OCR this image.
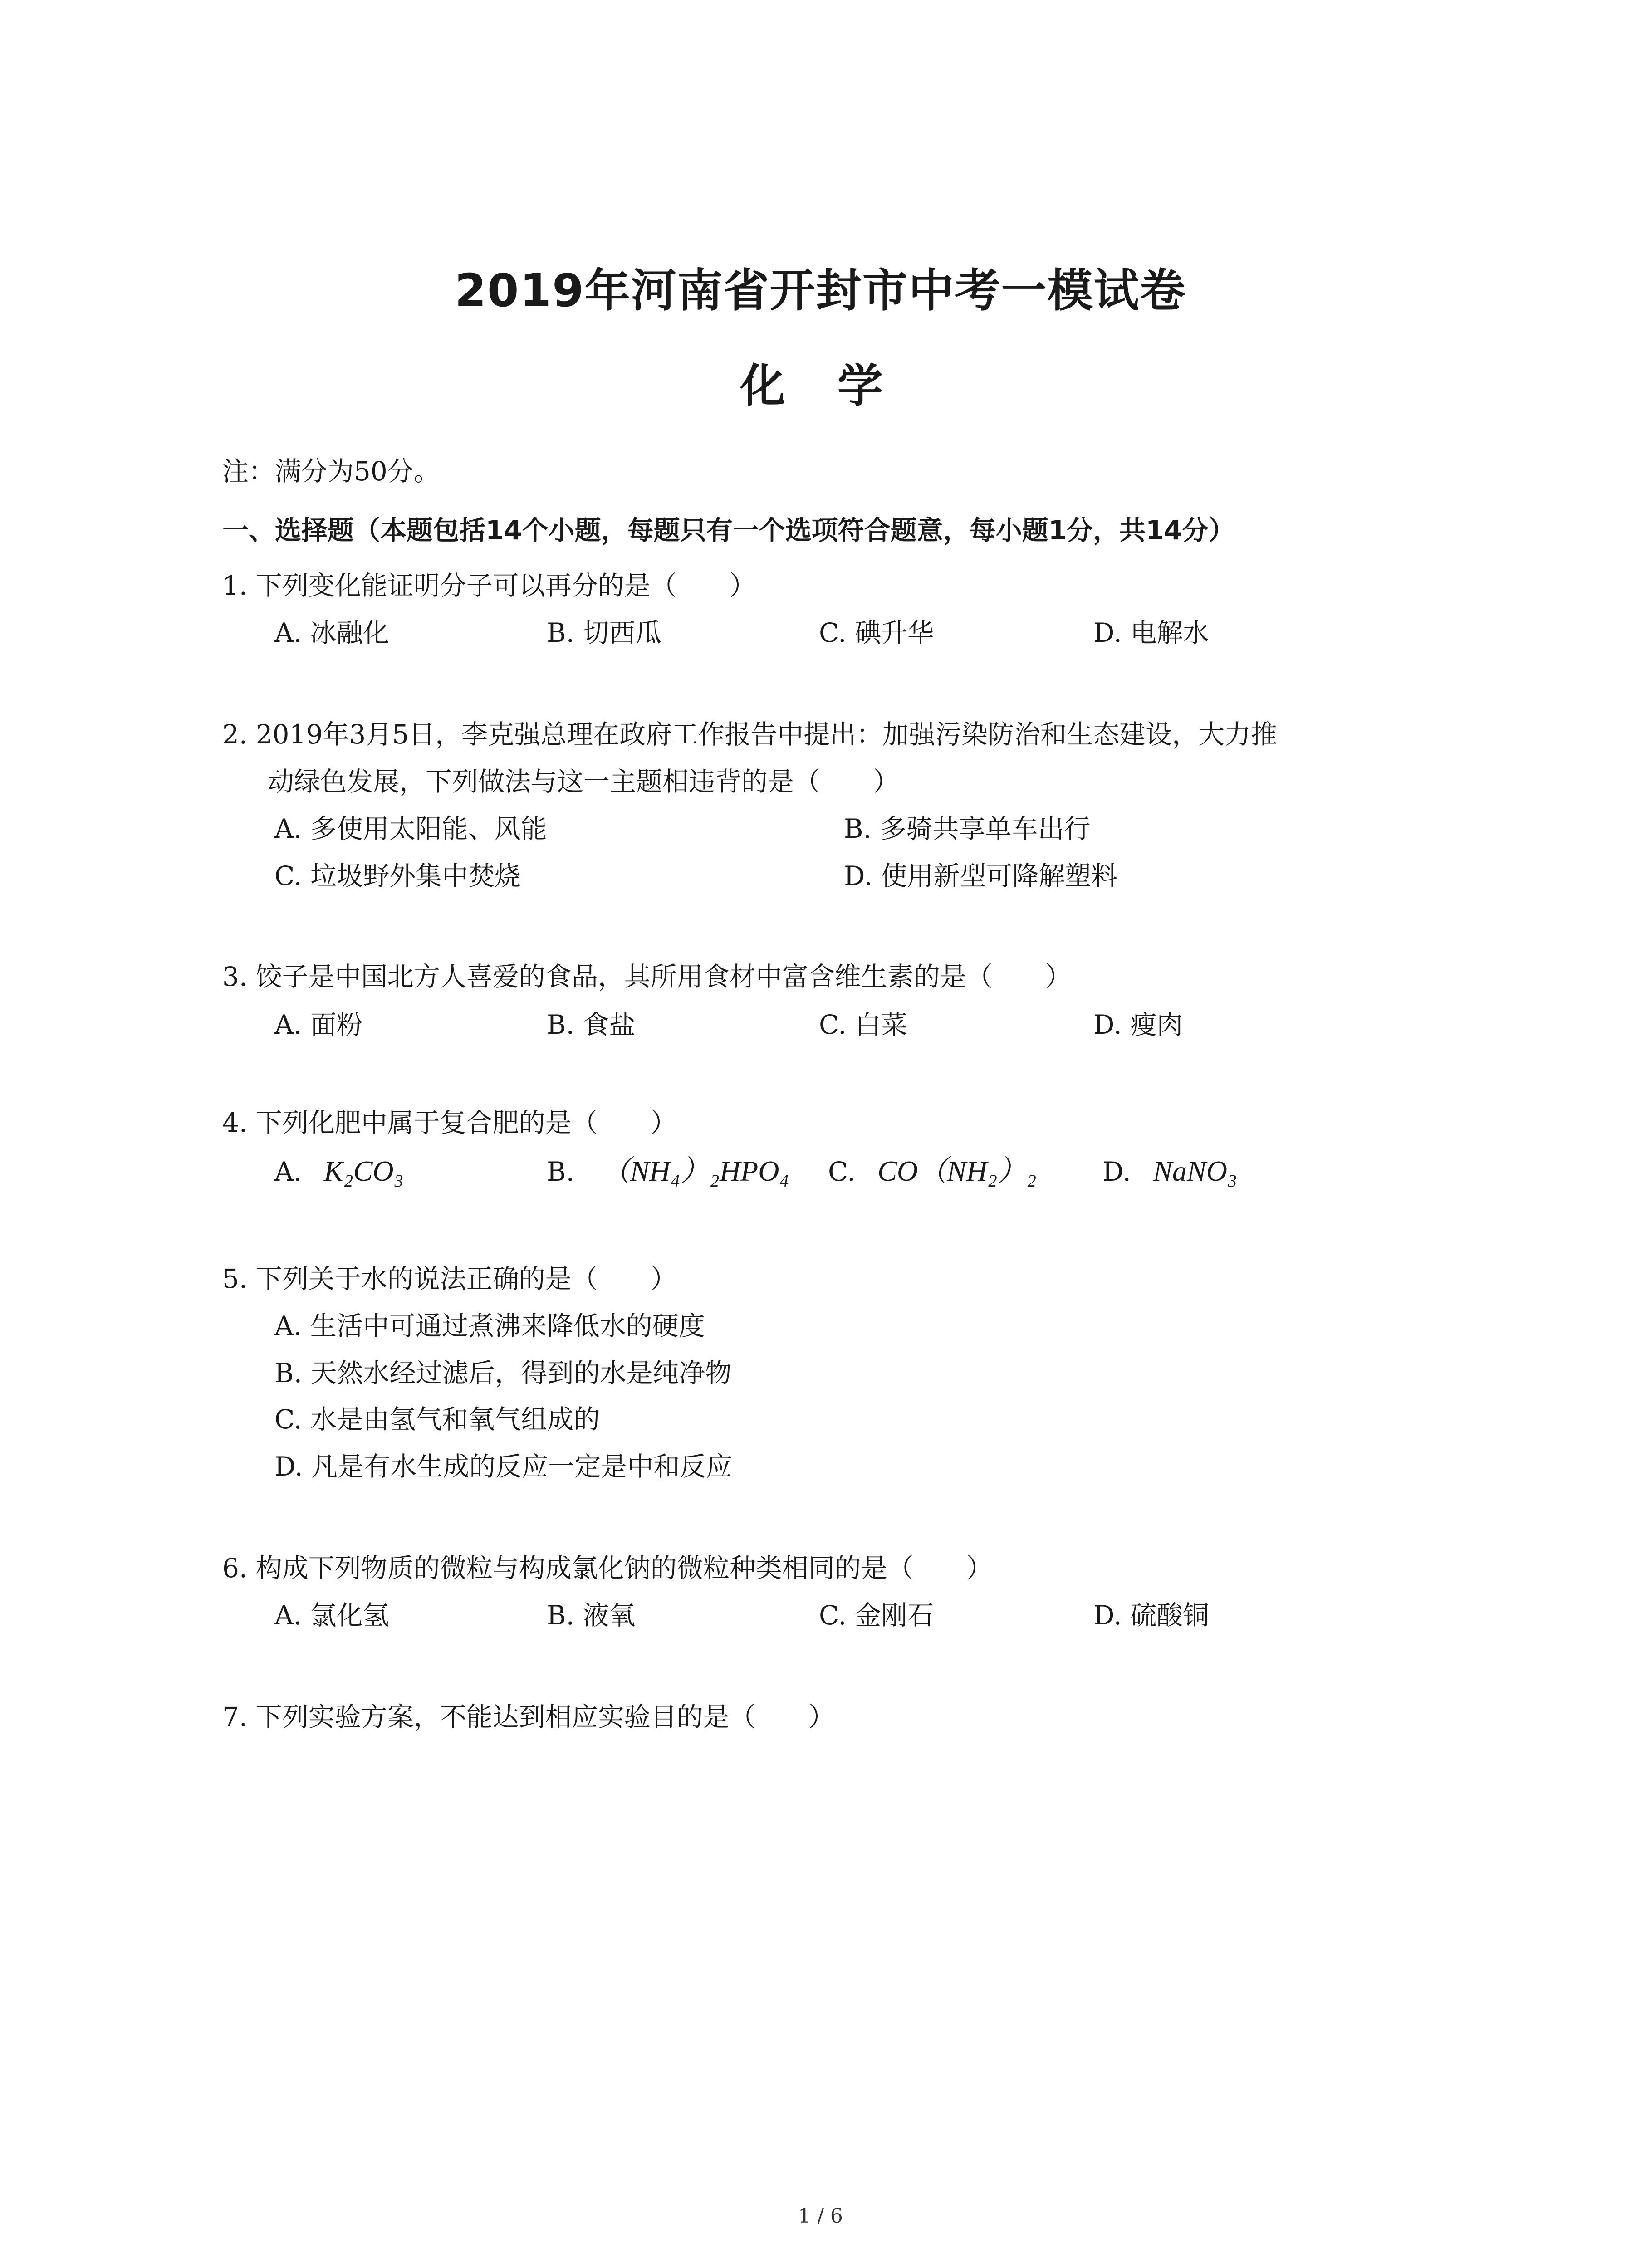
2019年河南省开封市中考一模试卷
化 学
注：满分为50分。
一、选择题（本题包括14个小题，每题只有一个选项符合题意，每小题1分，共14分）
1. 下列变化能证明分子可以再分的是（　　）
A. 冰融化	B. 切西瓜	C. 碘升华	D. 电解水
2. 2019年3月5日，李克强总理在政府工作报告中提出：加强污染防治和生态建设，大力推
动绿色发展，下列做法与这一主题相违背的是（　　）
A. 多使用太阳能、风能	B. 多骑共享单车出行
C. 垃圾野外集中焚烧	D. 使用新型可降解塑料
3. 饺子是中国北方人喜爱的食品，其所用食材中富含维生素的是（　　）
A. 面粉	B. 食盐	C. 白菜	D. 瘦肉
4. 下列化肥中属于复合肥的是（　　）
A. K₂CO₃	B. （NH₄）₂HPO₄ C. CO（NH₂）₂	D. NaNO₃
5. 下列关于水的说法正确的是（　　）
A. 生活中可通过煮沸来降低水的硬度
B. 天然水经过滤后，得到的水是纯净物
C. 水是由氢气和氧气组成的
D. 凡是有水生成的反应一定是中和反应
6. 构成下列物质的微粒与构成氯化钠的微粒种类相同的是（　　）
A. 氯化氢	B. 液氧	C. 金刚石	D. 硫酸铜
7. 下列实验方案，不能达到相应实验目的是（　　）
1 / 6
